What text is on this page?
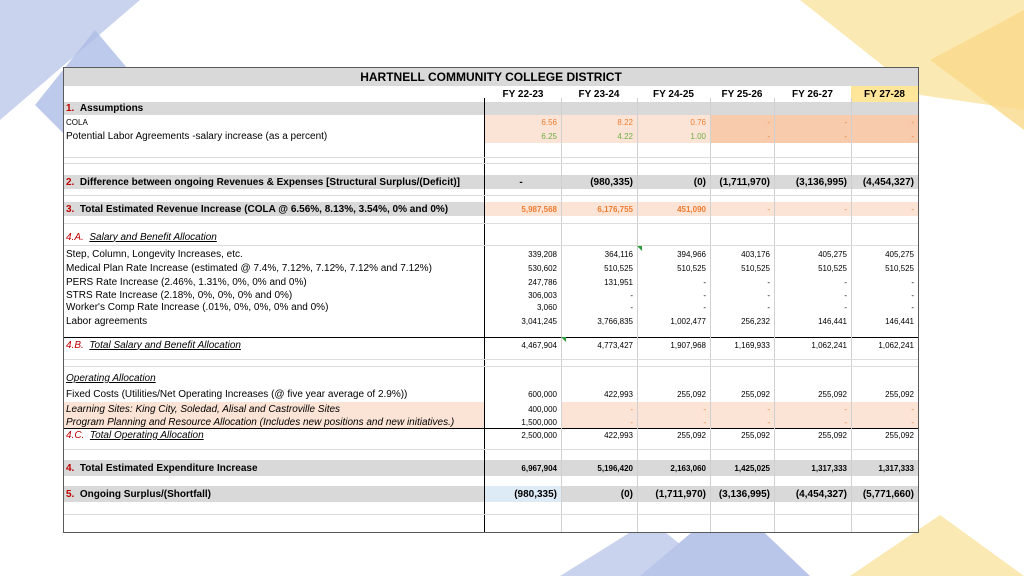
HARTNELL COMMUNITY COLLEGE DISTRICT
FY 22-23	FY 23-24	FY 24-25	FY 25-26	FY 26-27	FY 27-28
1.
Assumptions
COLA	6.56	8.22	0.76	-	-	-
Potential Labor Agreements -salary increase (as a percent)	6.25	4.22	1.00	-	-	-
2.
Difference between ongoing Revenues & Expenses [Structural Surplus/(Deficit)]	-	(980,335)	(0)	(1,711,970)	(3,136,995)	(4,454,327)
3.
Total Estimated Revenue Increase (COLA @ 6.56%, 8.13%, 3.54%, 0% and 0%)	5,987,568	6,176,755	451,090	-	-	-
4.A.
Salary and Benefit Allocation
Step, Column, Longevity Increases, etc.	339,208	364,116	394,966	403,176	405,275	405,275
Medical Plan Rate Increase (estimated @ 7.4%, 7.12%, 7.12%, 7.12% and 7.12%)	530,602	510,525	510,525	510,525	510,525	510,525
PERS Rate Increase (2.46%, 1.31%, 0%, 0% and 0%)	247,786	131,951	-	-	-	-
STRS Rate Increase (2.18%, 0%, 0%, 0% and 0%)	306,003	-	-	-	-	-
Worker's Comp Rate Increase (.01%, 0%, 0%, 0% and 0%)	3,060	-	-	-	-	-
Labor agreements	3,041,245	3,766,835	1,002,477	256,232	146,441	146,441
4.B.
Total Salary and Benefit Allocation	4,467,904	4,773,427	1,907,968	1,169,933	1,062,241	1,062,241
Operating Allocation
Fixed Costs (Utilities/Net Operating Increases (@ five year average of 2.9%))	600,000	422,993	255,092	255,092	255,092	255,092
Learning Sites: King City, Soledad, Alisal and Castroville Sites	400,000	-	-	-	-	-
Program Planning and Resource Allocation (Includes new positions and new initiatives.)	1,500,000	-	-	-	-	-
4.C.
Total Operating Allocation	2,500,000	422,993	255,092	255,092	255,092	255,092
4.
Total Estimated Expenditure Increase	6,967,904	5,196,420	2,163,060	1,425,025	1,317,333	1,317,333
5.
Ongoing Surplus/(Shortfall)	(980,335)	(0)	(1,711,970)	(3,136,995)	(4,454,327)	(5,771,660)
